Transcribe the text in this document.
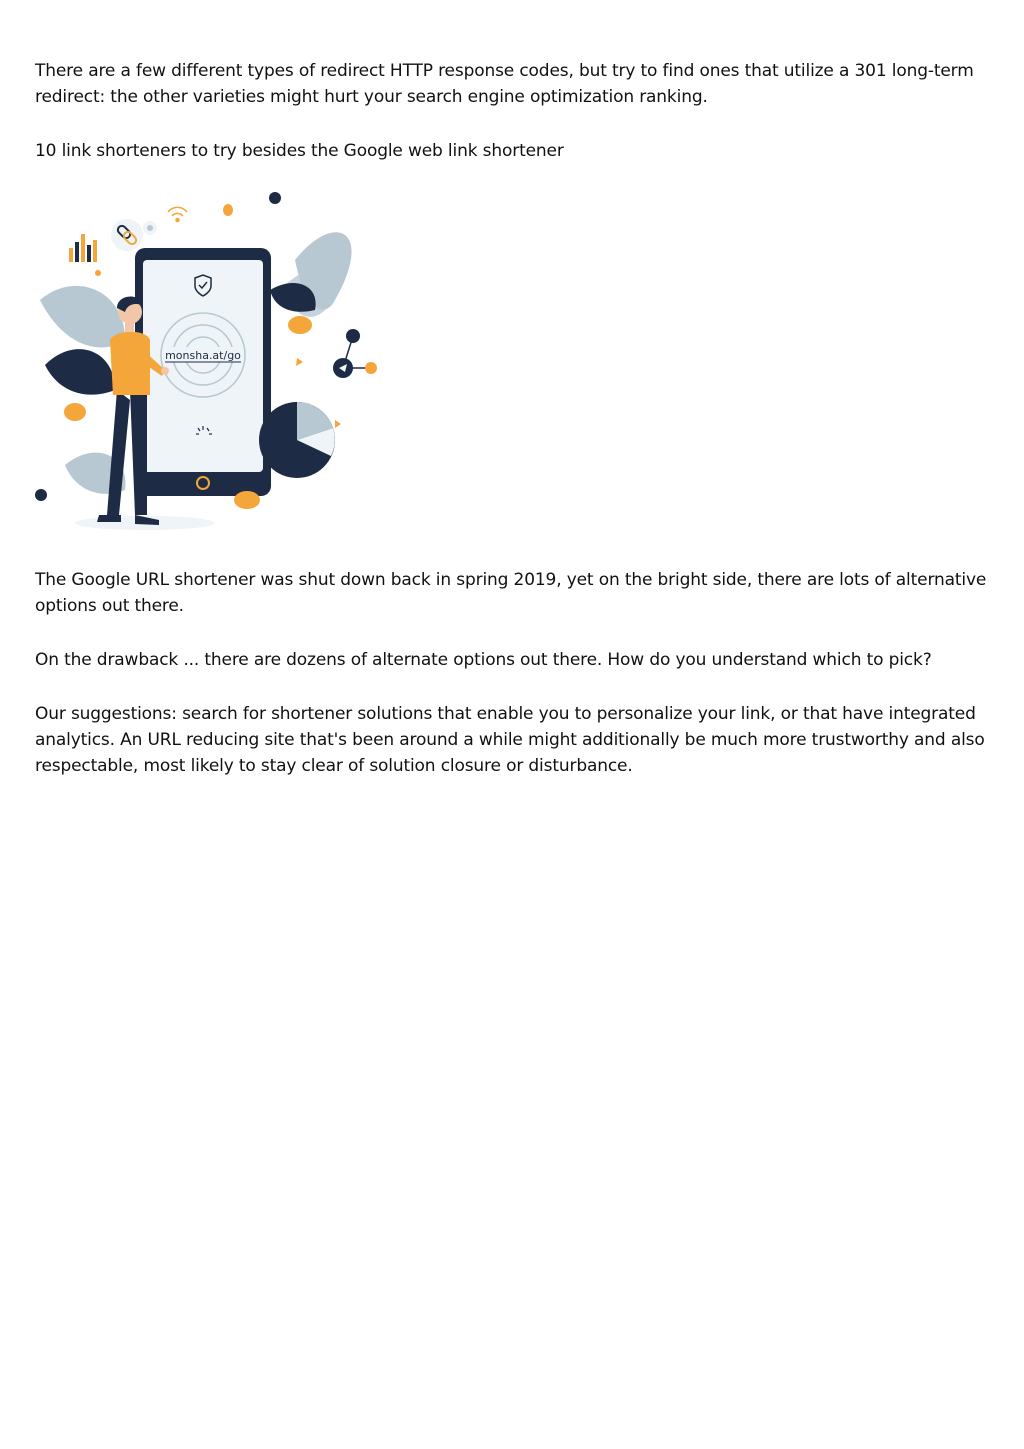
There are a few different types of redirect HTTP response codes, but try to find ones that utilize a 301 long-term redirect: the other varieties might hurt your search engine optimization ranking.

10 link shorteners to try besides the Google web link shortener

monsha.at/go

The Google URL shortener was shut down back in spring 2019, yet on the bright side, there are lots of alternative options out there.

On the drawback ... there are dozens of alternate options out there. How do you understand which to pick?

Our suggestions: search for shortener solutions that enable you to personalize your link, or that have integrated analytics. An URL reducing site that's been around a while might additionally be much more trustworthy and also respectable, most likely to stay clear of solution closure or disturbance.
